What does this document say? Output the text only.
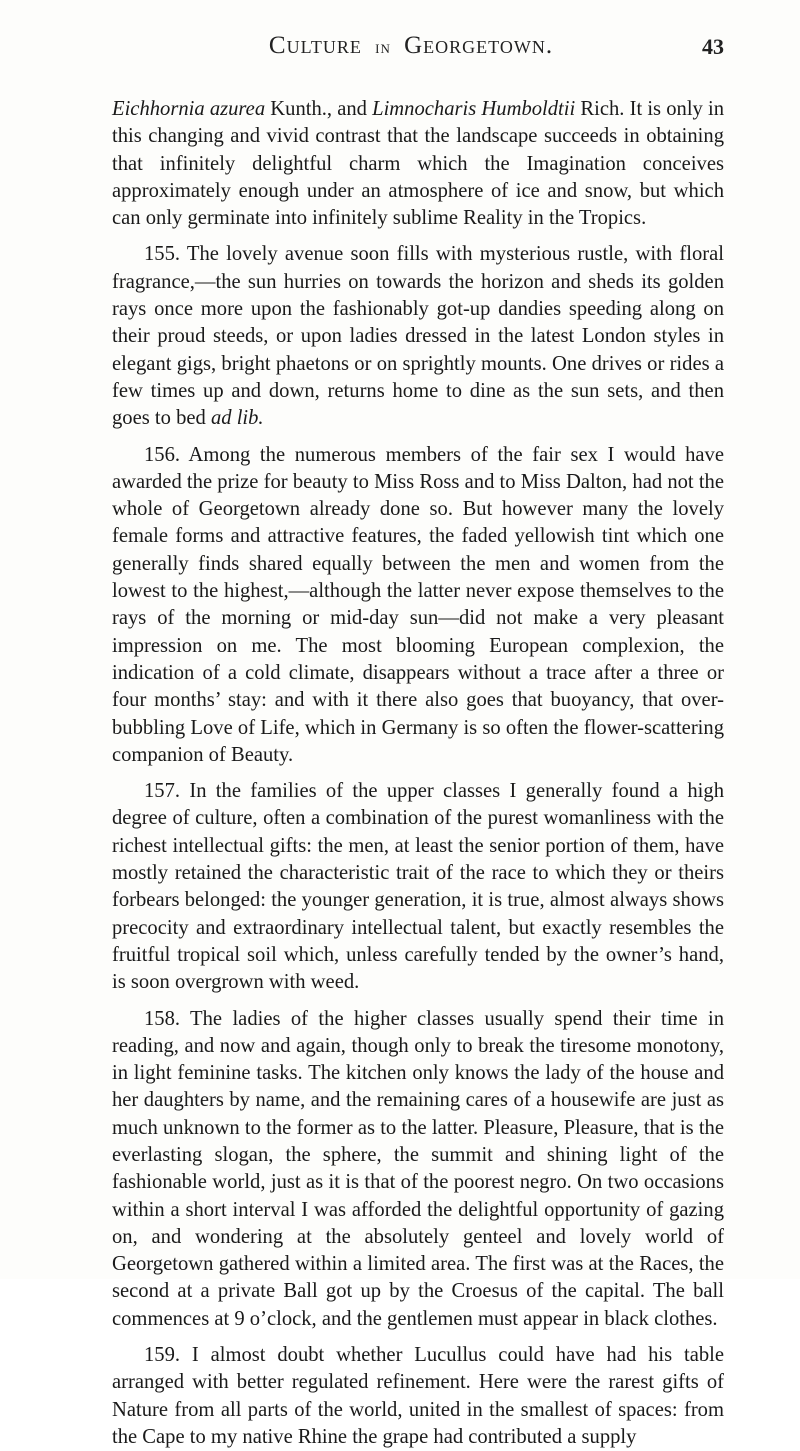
Culture in Georgetown.	43

Eichhornia azurea Kunth., and Limnocharis Humboldtii Rich. It is only in this changing and vivid contrast that the landscape succeeds in obtaining that infinitely delightful charm which the Imagination conceives approximately enough under an atmosphere of ice and snow, but which can only germinate into infinitely sublime Reality in the Tropics.

155. The lovely avenue soon fills with mysterious rustle, with floral fragrance,—the sun hurries on towards the horizon and sheds its golden rays once more upon the fashionably got-up dandies speeding along on their proud steeds, or upon ladies dressed in the latest London styles in elegant gigs, bright phaetons or on sprightly mounts. One drives or rides a few times up and down, returns home to dine as the sun sets, and then goes to bed ad lib.

156. Among the numerous members of the fair sex I would have awarded the prize for beauty to Miss Ross and to Miss Dalton, had not the whole of Georgetown already done so. But however many the lovely female forms and attractive features, the faded yellowish tint which one generally finds shared equally between the men and women from the lowest to the highest,—although the latter never expose themselves to the rays of the morning or mid-day sun—did not make a very pleasant impression on me. The most blooming European complexion, the indication of a cold climate, disappears without a trace after a three or four months’ stay: and with it there also goes that buoyancy, that over-bubbling Love of Life, which in Germany is so often the flower-scattering companion of Beauty.

157. In the families of the upper classes I generally found a high degree of culture, often a combination of the purest womanliness with the richest intellectual gifts: the men, at least the senior portion of them, have mostly retained the characteristic trait of the race to which they or theirs forbears belonged: the younger generation, it is true, almost always shows precocity and extraordinary intellectual talent, but exactly resembles the fruitful tropical soil which, unless carefully tended by the owner’s hand, is soon overgrown with weed.

158. The ladies of the higher classes usually spend their time in reading, and now and again, though only to break the tiresome monotony, in light feminine tasks. The kitchen only knows the lady of the house and her daughters by name, and the remaining cares of a housewife are just as much unknown to the former as to the latter. Pleasure, Pleasure, that is the everlasting slogan, the sphere, the summit and shining light of the fashionable world, just as it is that of the poorest negro. On two occasions within a short interval I was afforded the delightful opportunity of gazing on, and wondering at the absolutely genteel and lovely world of Georgetown gathered within a limited area. The first was at the Races, the second at a private Ball got up by the Croesus of the capital. The ball commences at 9 o’clock, and the gentlemen must appear in black clothes.

159. I almost doubt whether Lucullus could have had his table arranged with better regulated refinement. Here were the rarest gifts of Nature from all parts of the world, united in the smallest of spaces: from the Cape to my native Rhine the grape had contributed a supply
